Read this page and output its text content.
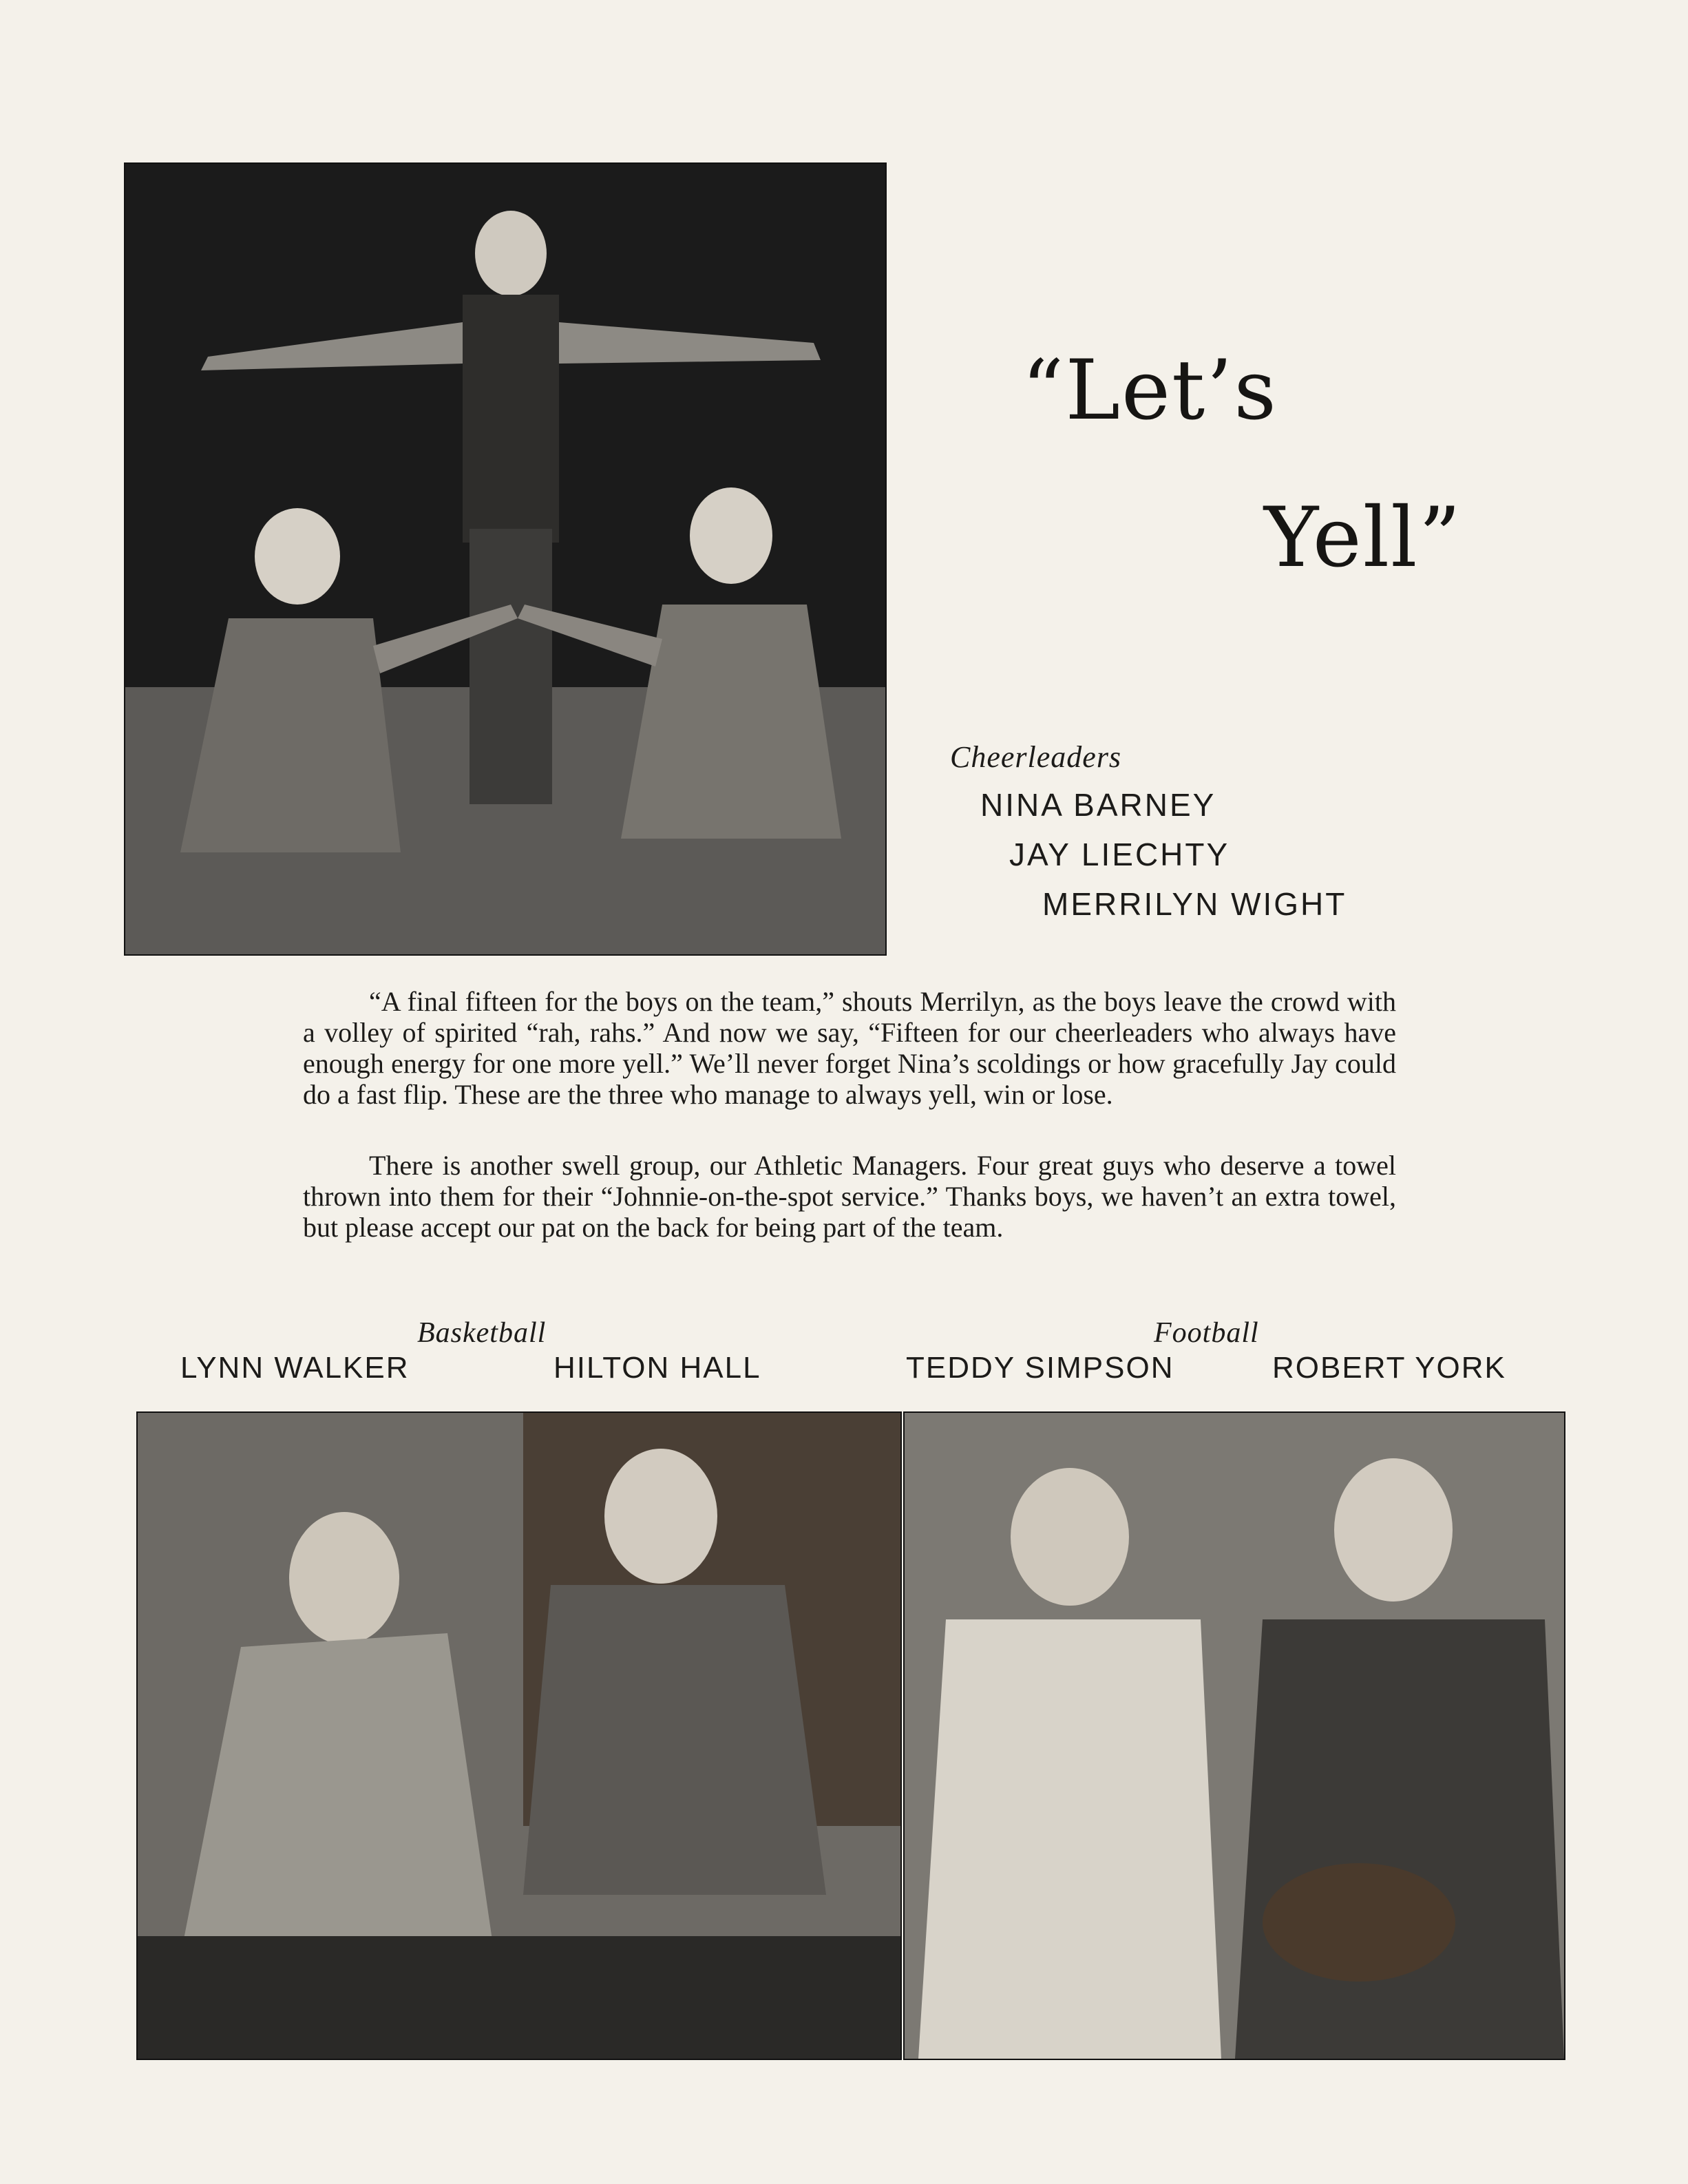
“Let’s
Yell”
Cheerleaders
NINA BARNEY
JAY LIECHTY
MERRILYN WIGHT

“A final fifteen for the boys on the team,” shouts Merrilyn, as the boys leave the crowd with a volley of spirited “rah, rahs.” And now we say, “Fifteen for our cheerleaders who always have enough energy for one more yell.” We’ll never forget Nina’s scoldings or how gracefully Jay could do a fast flip. These are the three who manage to always yell, win or lose.

There is another swell group, our Athletic Managers. Four great guys who deserve a towel thrown into them for their “Johnnie-on-the-spot service.” Thanks boys, we haven’t an extra towel, but please accept our pat on the back for being part of the team.

Basketball	Football
LYNN WALKER	HILTON HALL	TEDDY SIMPSON	ROBERT YORK
